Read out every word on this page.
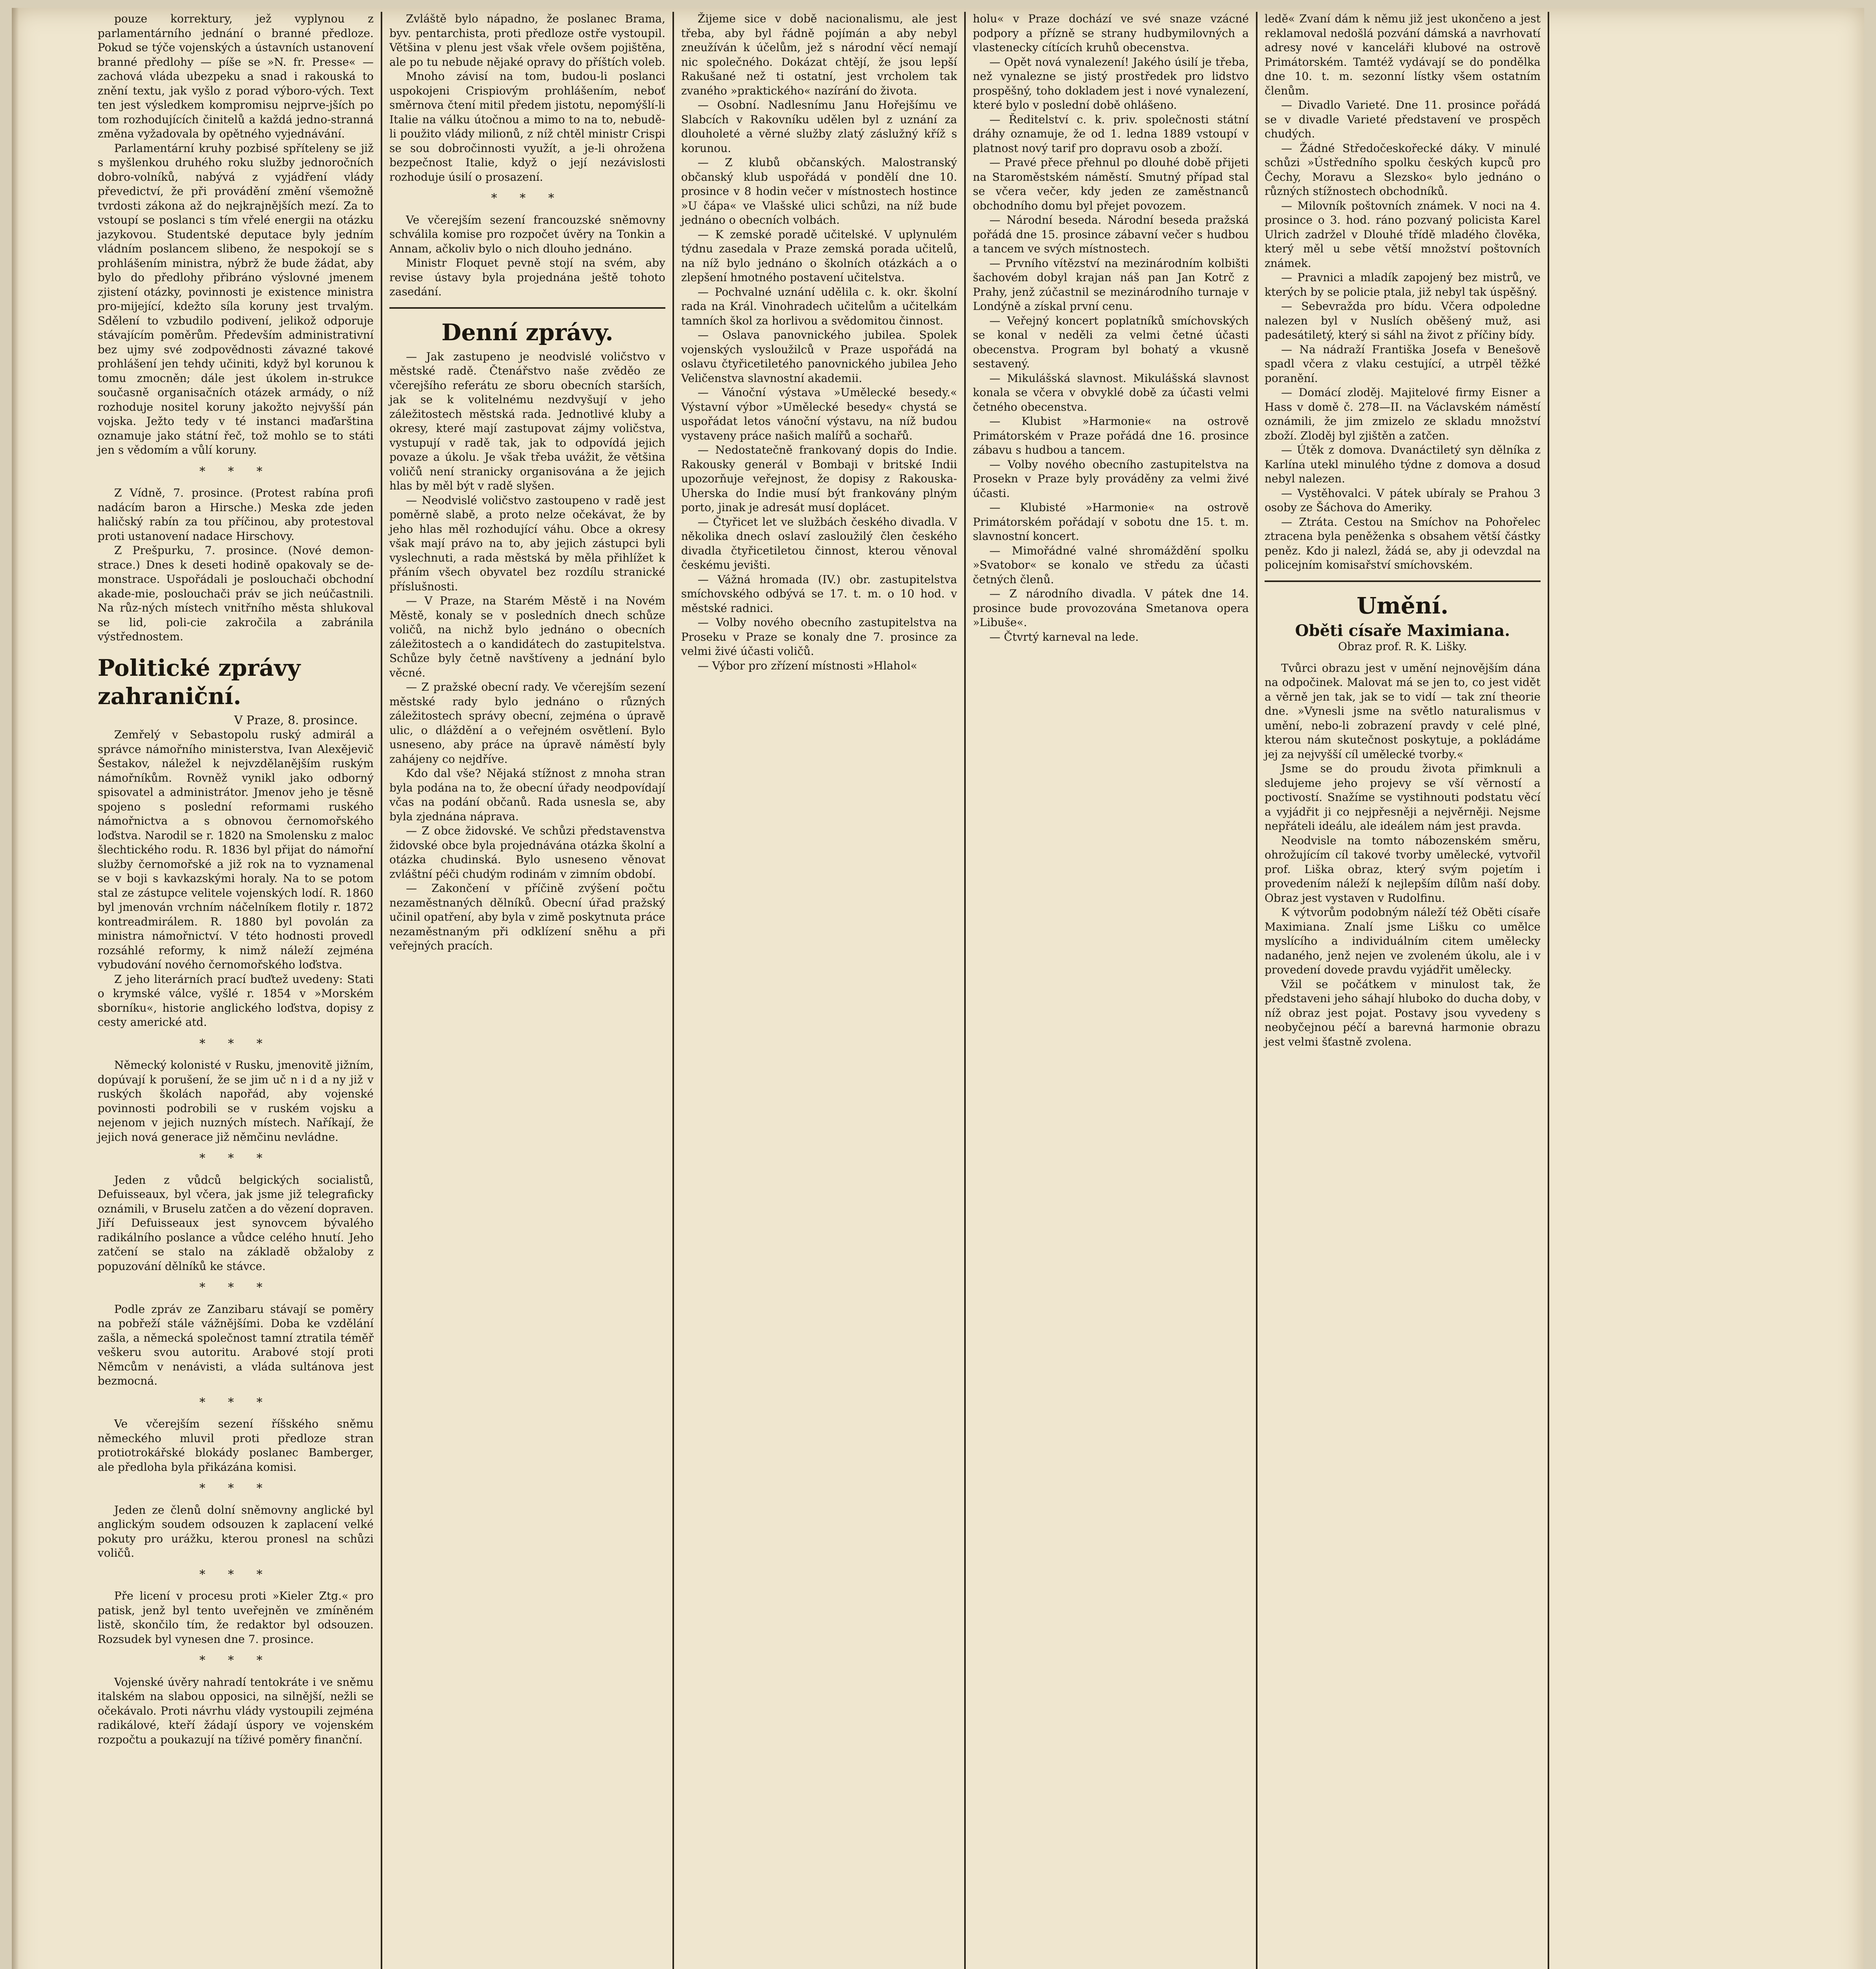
pouze korrektury, jež vyplynou z parlamentárního jednání o branné předloze. Pokud se týče vojenských a ústavních ustanovení branné předlohy — píše se »N. fr. Presse« — zachová vláda ubezpeku a snad i rakouská to znění textu, jak vyšlo z porad výboro-vých. Text ten jest výsledkem kompromisu nejprve-jších po tom rozhodujících činitelů a každá jedno-stranná změna vyžadovala by opětného vyjednávání.

Parlamentární kruhy pozbisé spříteleny se již s myšlenkou druhého roku služby jednoročních dobro-volníků, nabývá z vyjádření vlády převedictví, že při provádění změní všemožně tvrdosti zákona až do nejkrajnějších mezí. Za to vstoupí se poslanci s tím vřelé energii na otázku jazykovou. Studentské deputace byly jedním vládním poslancem slibeno, že nespokojí se s prohlášením ministra, nýbrž že bude žádat, aby bylo do předlohy přibráno výslovné jmenem zjistení otázky, povinnosti je existence ministra pro-mijející, kdežto síla koruny jest trvalým. Sdělení to vzbudilo podivení, jelikož odporuje stávajícím poměrům. Především administrativní bez ujmy své zodpovědnosti závazné takové prohlášení jen tehdy učiniti, když byl korunou k tomu zmocněn; dále jest úkolem in-strukce současně organisačních otázek armády, o níž rozhoduje nositel koruny jakožto nejvyšší pán vojska. Ježto tedy v té instanci maďarština oznamuje jako státní řeč, tož mohlo se to státi jen s vědomím a vůlí koruny.

* * *

Z Vídně, 7. prosince. (Protest rabína profi nadácím baron a Hirsche.) Meska zde jeden haličský rabín za tou příčinou, aby protestoval proti ustanovení nadace Hirschovy.

Z Prešpurku, 7. prosince. (Nové demon-strace.) Dnes k deseti hodině opakovaly se de-monstrace. Uspořádali je poslouchači obchodní akade-mie, poslouchači práv se jich neúčastnili. Na růz-ných místech vnitřního města shlukoval se lid, poli-cie zakročila a zabránila výstřednostem.

Politické zprávy zahraniční.
V Praze, 8. prosince.

Zemřelý v Sebastopolu ruský admirál a správce námořního ministerstva, Ivan Alexějevič Šestakov, náležel k nejvzdělanějším ruským námořníkům. Rovněž vynikl jako odborný spisovatel a administrátor. Jmenov jeho je těsně spojeno s poslední reformami ruského námořnictva a s obnovou černomořského loďstva. Narodil se r. 1820 na Smolensku z maloc šlechtického rodu. R. 1836 byl přijat do námořní služby černomořské a již rok na to vyznamenal se v boji s kavkazskými horaly. Na to se potom stal ze zástupce velitele vojenských lodí. R. 1860 byl jmenován vrchním náčelníkem flotily r. 1872 kontreadmirálem. R. 1880 byl povolán za ministra námořnictví. V této hodnosti provedl rozsáhlé reformy, k nimž náleží zejména vybudování nového černomořského loďstva.

Z jeho literárních prací buďtež uvedeny: Stati o krymské válce, vyšlé r. 1854 v »Morském sborníku«, historie anglického loďstva, dopisy z cesty americké atd.

* * *

Německý kolonisté v Rusku, jmenovitě jižním, dopúvají k porušení, že se jim uč n i d a ny již v ruských školách napořád, aby vojenské povinnosti podrobili se v ruském vojsku a nejenom v jejich nuzných místech. Naříkají, že jejich nová generace již němčinu nevládne.

* * *

Jeden z vůdců belgických socialistů, Defuisseaux, byl včera, jak jsme již telegraficky oznámili, v Bruselu zatčen a do vězení dopraven. Jiří Defuisseaux jest synovcem bývalého radikálního poslance a vůdce celého hnutí. Jeho zatčení se stalo na základě obžaloby z popuzování dělníků ke stávce.

* * *

Podle zpráv ze Zanzibaru stávají se poměry na pobřeží stále vážnějšími. Doba ke vzdělání zašla, a německá společnost tamní ztratila téměř veškeru svou autoritu. Arabové stojí proti Němcům v nenávisti, a vláda sultánova jest bezmocná.

* * *

Ve včerejším sezení říšského sněmu německého mluvil proti předloze stran protiotrokářské blokády poslanec Bamberger, ale předloha byla přikázána komisi.

* * *

Jeden ze členů dolní sněmovny anglické byl anglickým soudem odsouzen k zaplacení velké pokuty pro urážku, kterou pronesl na schůzi voličů.

* * *

Pře licení v procesu proti »Kieler Ztg.« pro patisk, jenž byl tento uveřejněn ve zmíněném listě, skončilo tím, že redaktor byl odsouzen. Rozsudek byl vynesen dne 7. prosince.

* * *

Vojenské úvěry nahradí tentokráte i ve sněmu italském na slabou opposici, na silnější, nežli se očekávalo. Proti návrhu vlády vystoupili zejména radikálové, kteří žádají úspory ve vojenském rozpočtu a poukazují na tíživé poměry finanční.

Zvláště bylo nápadno, že poslanec Brama, byv. pentarchista, proti předloze ostře vystoupil. Většina v plenu jest však vřele ovšem pojištěna, ale po tu nebude nějaké opravy do příštích voleb.

Mnoho závisí na tom, budou-li poslanci uspokojeni Crispiovým prohlášením, neboť směrnova čtení mitil předem jistotu, nepomýšlí-li Italie na válku útočnou a mimo to na to, nebudě-li použito vlády milionů, z níž chtěl ministr Crispi se sou dobročinnosti využít, a je-li ohrožena bezpečnost Italie, když o její nezávislosti rozhoduje úsilí o prosazení.

* * *

Ve včerejším sezení francouzské sněmovny schválila komise pro rozpočet úvěry na Tonkin a Annam, ačkoliv bylo o nich dlouho jednáno.

Ministr Floquet pevně stojí na svém, aby revise ústavy byla projednána ještě tohoto zasedání.

Denní zprávy.

— Jak zastupeno je neodvislé voličstvo v městské radě. Čtenářstvo naše zvěděo ze včerejšího referátu ze sboru obecních starších, jak se k volitelnému nezdvyšují v jeho záležitostech městská rada. Jednotlivé kluby a okresy, které mají zastupovat zájmy voličstva, vystupují v radě tak, jak to odpovídá jejich povaze a úkolu. Je však třeba uvážit, že většina voličů není stranicky organisována a že jejich hlas by měl být v radě slyšen.

— Neodvislé voličstvo zastoupeno v radě jest poměrně slabě, a proto nelze očekávat, že by jeho hlas měl rozhodující váhu. Obce a okresy však mají právo na to, aby jejich zástupci byli vyslechnuti, a rada městská by měla přihlížet k přáním všech obyvatel bez rozdílu stranické příslušnosti.

— V Praze, na Starém Městě i na Novém Městě, konaly se v posledních dnech schůze voličů, na nichž bylo jednáno o obecních záležitostech a o kandidátech do zastupitelstva. Schůze byly četně navštíveny a jednání bylo věcné.

— Z pražské obecní rady. Ve včerejším sezení městské rady bylo jednáno o různých záležitostech správy obecní, zejména o úpravě ulic, o dláždění a o veřejném osvětlení. Bylo usneseno, aby práce na úpravě náměstí byly zahájeny co nejdříve.

Kdo dal vše? Nějaká stížnost z mnoha stran byla podána na to, že obecní úřady neodpovídají včas na podání občanů. Rada usnesla se, aby byla zjednána náprava.

— Z obce židovské. Ve schůzi představenstva židovské obce byla projednávána otázka školní a otázka chudinská. Bylo usneseno věnovat zvláštní péči chudým rodinám v zimním období.

— Zakončení v příčině zvýšení počtu nezaměstnaných dělníků. Obecní úřad pražský učinil opatření, aby byla v zimě poskytnuta práce nezaměstnaným při odklízení sněhu a při veřejných pracích.

Žijeme sice v době nacionalismu, ale jest třeba, aby byl řádně pojímán a aby nebyl zneužíván k účelům, jež s národní věcí nemají nic společného. Dokázat chtějí, že jsou lepší Rakušané než ti ostatní, jest vrcholem tak zvaného »praktického« nazírání do života.

— Osobní. Nadlesnímu Janu Hořejšímu ve Slabcích v Rakovníku udělen byl z uznání za dlouholeté a věrné služby zlatý záslužný kříž s korunou.

— Z klubů občanských. Malostranský občanský klub uspořádá v pondělí dne 10. prosince v 8 hodin večer v místnostech hostince »U čápa« ve Vlašské ulici schůzi, na níž bude jednáno o obecních volbách.

— K zemské poradě učitelské. V uplynulém týdnu zasedala v Praze zemská porada učitelů, na níž bylo jednáno o školních otázkách a o zlepšení hmotného postavení učitelstva.

— Pochvalné uznání udělila c. k. okr. školní rada na Král. Vinohradech učitelům a učitelkám tamních škol za horlivou a svědomitou činnost.

— Oslava panovnického jubilea. Spolek vojenských vysloužilců v Praze uspořádá na oslavu čtyřicetiletého panovnického jubilea Jeho Veličenstva slavnostní akademii.

— Vánoční výstava »Umělecké besedy.« Výstavní výbor »Umělecké besedy« chystá se uspořádat letos vánoční výstavu, na níž budou vystaveny práce našich malířů a sochařů.

— Nedostatečně frankovaný dopis do Indie. Rakousky generál v Bombaji v britské Indii upozorňuje veřejnost, že dopisy z Rakouska-Uherska do Indie musí být frankovány plným porto, jinak je adresát musí doplácet.

— Čtyřicet let ve službách českého divadla. V několika dnech oslaví zasloužilý člen českého divadla čtyřicetiletou činnost, kterou věnoval českému jevišti.

— Vážná hromada (IV.) obr. zastupitelstva smíchovského odbývá se 17. t. m. o 10 hod. v městské radnici.

— Volby nového obecního zastupitelstva na Proseku v Praze se konaly dne 7. prosince za velmi živé účasti voličů.

— Výbor pro zřízení místnosti »Hlahol«

holu« v Praze dochází ve své snaze vzácné podpory a přízně se strany hudbymilovných a vlastenecky cítících kruhů obecenstva.

— Opět nová vynalezení! Jakého úsilí je třeba, než vynalezne se jistý prostředek pro lidstvo prospěšný, toho dokladem jest i nové vynalezení, které bylo v poslední době ohlášeno.

— Ředitelství c. k. priv. společnosti státní dráhy oznamuje, že od 1. ledna 1889 vstoupí v platnost nový tarif pro dopravu osob a zboží.

— Pravé přece přehnul po dlouhé době přijeti na Staroměstském náměstí. Smutný případ stal se včera večer, kdy jeden ze zaměstnanců obchodního domu byl přejet povozem.

— Národní beseda. Národní beseda pražská pořádá dne 15. prosince zábavní večer s hudbou a tancem ve svých místnostech.

— Prvního vítězství na mezinárodním kolbišti šachovém dobyl krajan náš pan Jan Kotrč z Prahy, jenž zúčastnil se mezinárodního turnaje v Londýně a získal první cenu.

— Veřejný koncert poplatníků smíchovských se konal v neděli za velmi četné účasti obecenstva. Program byl bohatý a vkusně sestavený.

— Mikulášská slavnost. Mikulášská slavnost konala se včera v obvyklé době za účasti velmi četného obecenstva.

— Klubist »Harmonie« na ostrově Primátorském v Praze pořádá dne 16. prosince zábavu s hudbou a tancem.

— Volby nového obecního zastupitelstva na Prosekn v Praze byly prováděny za velmi živé účasti.

— Klubisté »Harmonie« na ostrově Primátorském pořádají v sobotu dne 15. t. m. slavnostní koncert.

— Mimořádné valné shromáždění spolku »Svatobor« se konalo ve středu za účasti četných členů.

— Z národního divadla. V pátek dne 14. prosince bude provozována Smetanova opera »Libuše«.

— Čtvrtý karneval na lede.

ledě« Zvaní dám k němu již jest ukončeno a jest reklamoval nedošlá pozvání dámská a navrhovatí adresy nové v kanceláři klubové na ostrově Primátorském. Tamtéž vydávají se do pondělka dne 10. t. m. sezonní lístky všem ostatním členům.

— Divadlo Varieté. Dne 11. prosince pořádá se v divadle Varieté představení ve prospěch chudých.

— Žádné Středočeskořecké dáky. V minulé schůzi »Ústředního spolku českých kupců pro Čechy, Moravu a Slezsko« bylo jednáno o různých stížnostech obchodníků.

— Milovník poštovních známek. V noci na 4. prosince o 3. hod. ráno pozvaný policista Karel Ulrich zadržel v Dlouhé třídě mladého člověka, který měl u sebe větší množství poštovních známek.

— Pravnici a mladík zapojený bez mistrů, ve kterých by se policie ptala, již nebyl tak úspěšný.

— Sebevražda pro bídu. Včera odpoledne nalezen byl v Nuslích oběšený muž, asi padesátiletý, který si sáhl na život z příčiny bídy.

— Na nádraží Františka Josefa v Benešově spadl včera z vlaku cestující, a utrpěl těžké poranění.

— Domácí zloděj. Majitelové firmy Eisner a Hass v domě č. 278—II. na Václavském náměstí oznámili, že jim zmizelo ze skladu množství zboží. Zloděj byl zjištěn a zatčen.

— Útěk z domova. Dvanáctiletý syn dělníka z Karlína utekl minulého týdne z domova a dosud nebyl nalezen.

— Vystěhovalci. V pátek ubíraly se Prahou 3 osoby ze Šáchova do Ameriky.

— Ztráta. Cestou na Smíchov na Pohořelec ztracena byla peněženka s obsahem větší částky peněz. Kdo ji nalezl, žádá se, aby ji odevzdal na policejním komisařství smíchovském.

Umění.
Oběti císaře Maximiana.
Obraz prof. R. K. Lišky.

Tvůrci obrazu jest v umění nejnovějším dána na odpočinek. Malovat má se jen to, co jest vidět a věrně jen tak, jak se to vidí — tak zní theorie dne. »Vynesli jsme na světlo naturalismus v umění, nebo-li zobrazení pravdy v celé plné, kterou nám skutečnost poskytuje, a pokládáme jej za nejvyšší cíl umělecké tvorby.«

Jsme se do proudu života přimknuli a sledujeme jeho projevy se vší věrností a poctivostí. Snažíme se vystihnouti podstatu věcí a vyjádřit ji co nejpřesněji a nejvěrněji. Nejsme nepřáteli ideálu, ale ideálem nám jest pravda.

Neodvisle na tomto nábozenském směru, ohrožujícím cíl takové tvorby umělecké, vytvořil prof. Liška obraz, který svým pojetím i provedením náleží k nejlepším dílům naší doby. Obraz jest vystaven v Rudolfinu.

K výtvorům podobným náleží též Oběti císaře Maximiana. Znalí jsme Lišku co umělce myslícího a individuálním citem umělecky nadaného, jenž nejen ve zvoleném úkolu, ale i v provedení dovede pravdu vyjádřit umělecky.

Vžil se počátkem v minulost tak, že představeni jeho sáhají hluboko do ducha doby, v níž obraz jest pojat. Postavy jsou vyvedeny s neobyčejnou péčí a barevná harmonie obrazu jest velmi šťastně zvolena.
